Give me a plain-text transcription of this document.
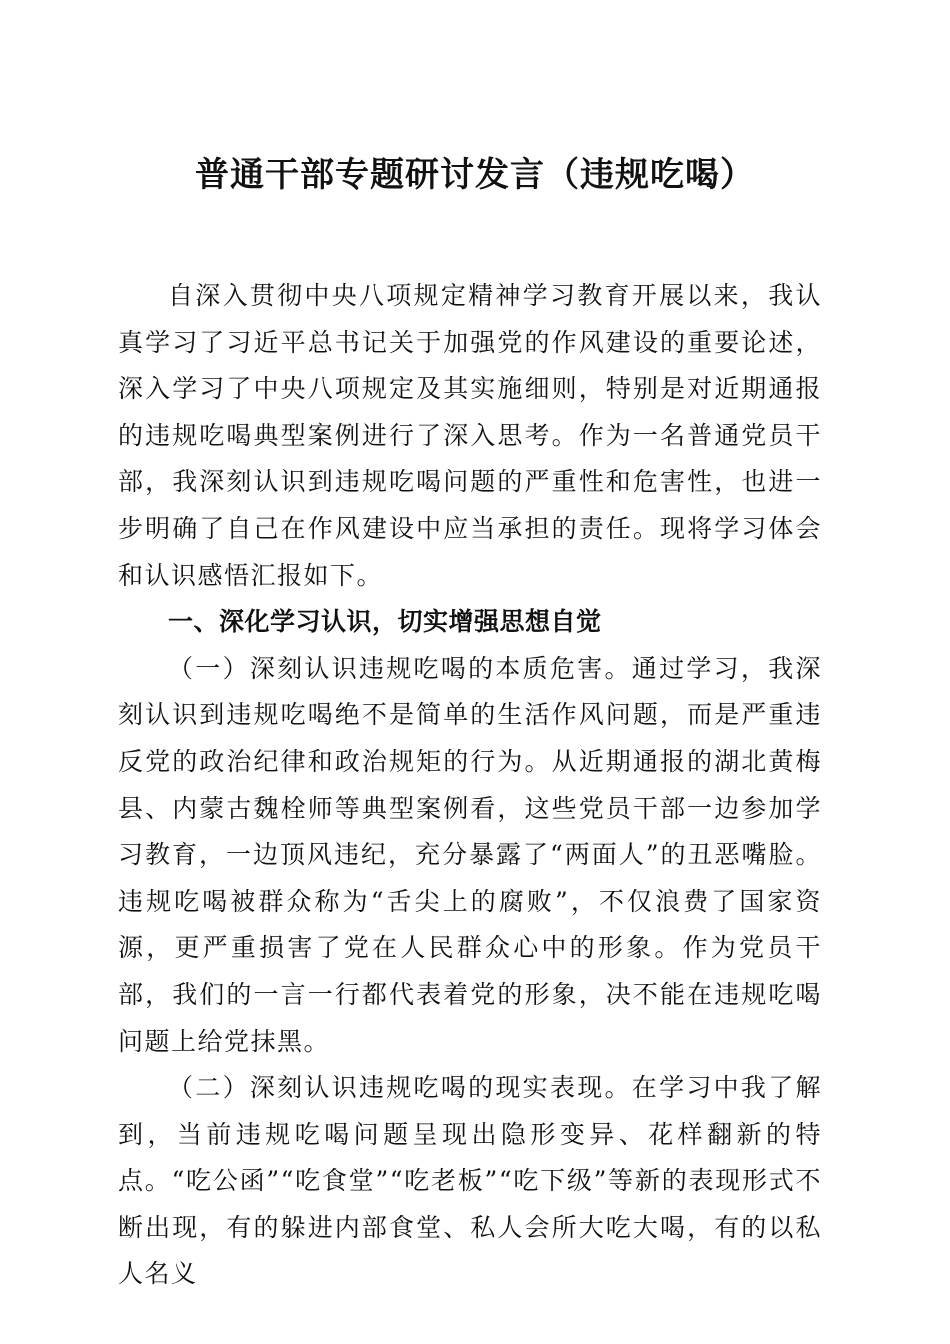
普通干部专题研讨发言（违规吃喝）

自深入贯彻中央八项规定精神学习教育开展以来，我认真学习了习近平总书记关于加强党的作风建设的重要论述，深入学习了中央八项规定及其实施细则，特别是对近期通报的违规吃喝典型案例进行了深入思考。作为一名普通党员干部，我深刻认识到违规吃喝问题的严重性和危害性，也进一步明确了自己在作风建设中应当承担的责任。现将学习体会和认识感悟汇报如下。

一、深化学习认识，切实增强思想自觉

（一）深刻认识违规吃喝的本质危害。通过学习，我深刻认识到违规吃喝绝不是简单的生活作风问题，而是严重违反党的政治纪律和政治规矩的行为。从近期通报的湖北黄梅县、内蒙古魏栓师等典型案例看，这些党员干部一边参加学习教育，一边顶风违纪，充分暴露了“两面人”的丑恶嘴脸。违规吃喝被群众称为“舌尖上的腐败”，不仅浪费了国家资源，更严重损害了党在人民群众心中的形象。作为党员干部，我们的一言一行都代表着党的形象，决不能在违规吃喝问题上给党抹黑。

（二）深刻认识违规吃喝的现实表现。在学习中我了解到，当前违规吃喝问题呈现出隐形变异、花样翻新的特点。“吃公函”“吃食堂”“吃老板”“吃下级”等新的表现形式不断出现，有的躲进内部食堂、私人会所大吃大喝，有的以私人名义
